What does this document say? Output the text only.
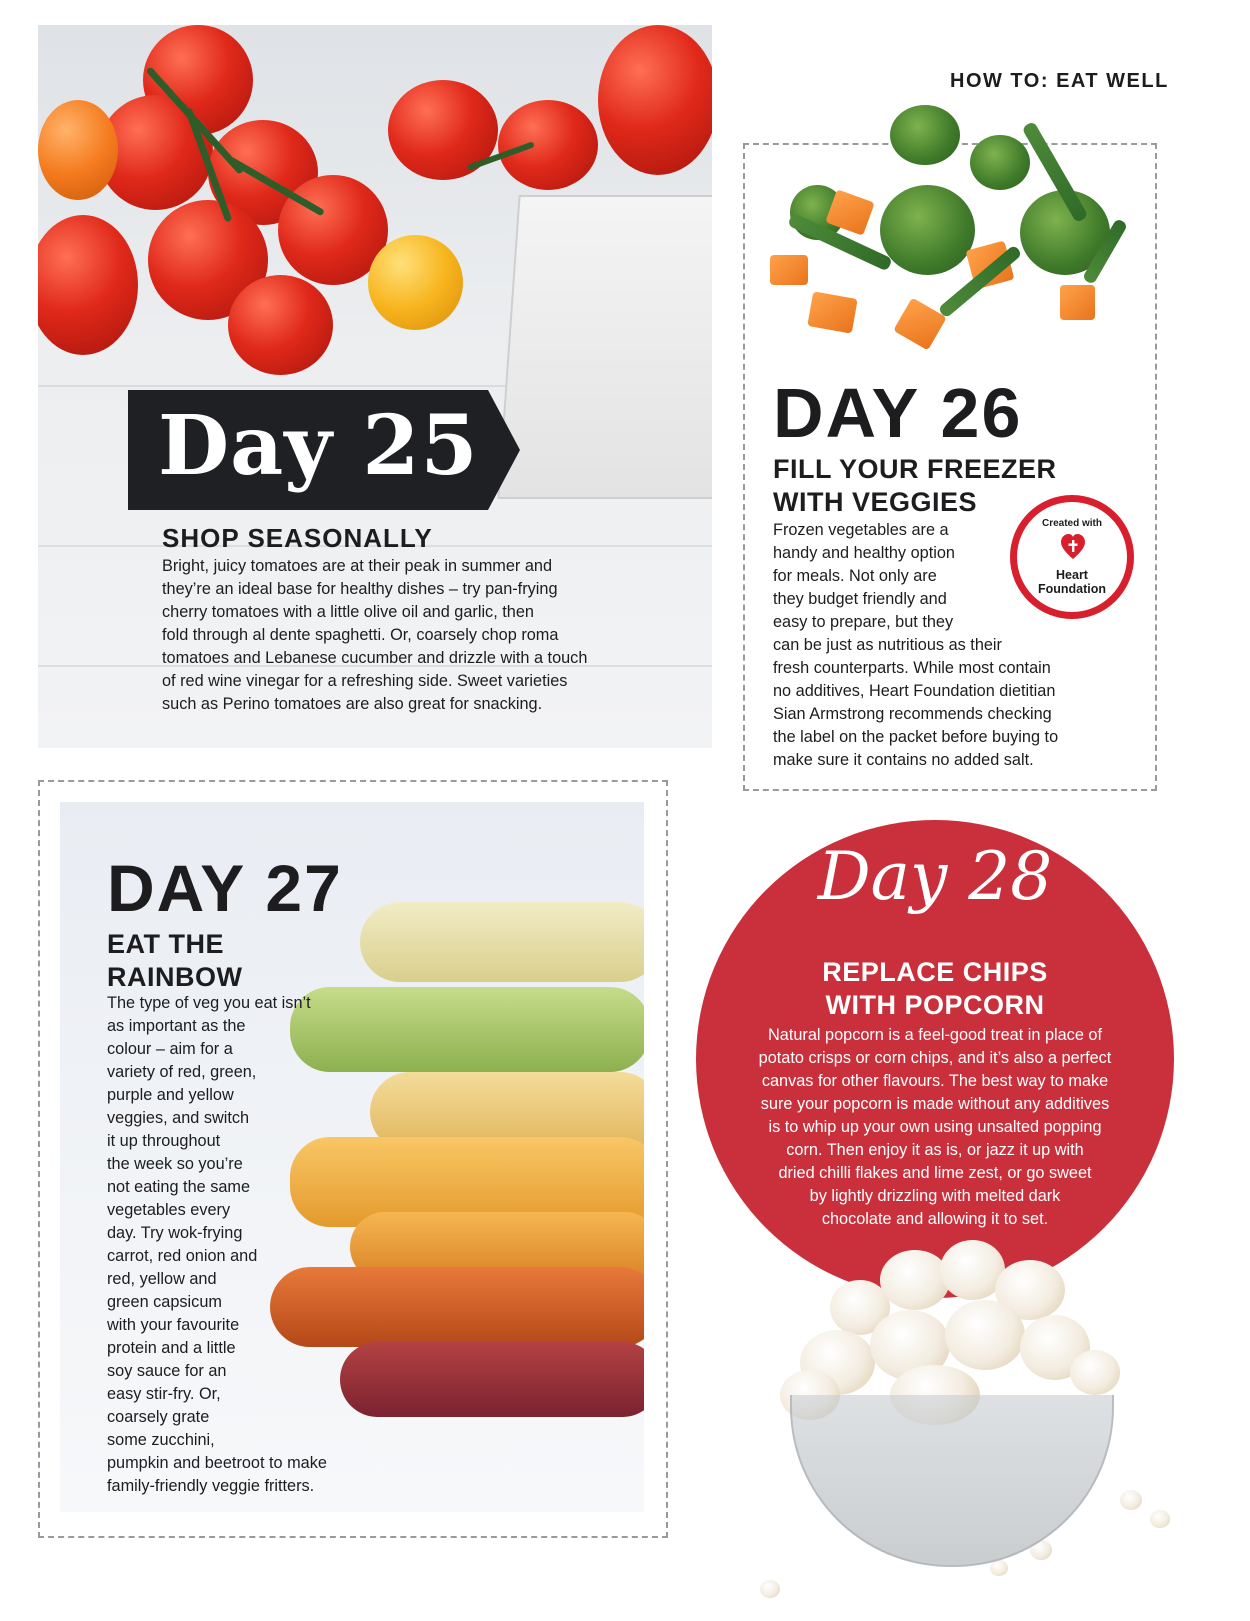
HOW TO: EAT WELL
Day 25
SHOP SEASONALLY
Bright, juicy tomatoes are at their peak in summer and
they’re an ideal base for healthy dishes – try pan-frying
cherry tomatoes with a little olive oil and garlic, then
fold through al dente spaghetti. Or, coarsely chop roma
tomatoes and Lebanese cucumber and drizzle with a touch
of red wine vinegar for a refreshing side. Sweet varieties
such as Perino tomatoes are also great for snacking.
DAY 26
FILL YOUR FREEZER
WITH VEGGIES
Frozen vegetables are a
handy and healthy option
for meals. Not only are
they budget friendly and
easy to prepare, but they
can be just as nutritious as their
fresh counterparts. While most contain
no additives, Heart Foundation dietitian
Sian Armstrong recommends checking
the label on the packet before buying to
make sure it contains no added salt.
Created with
Heart
Foundation
DAY 27
EAT THE
RAINBOW
The type of veg you eat isn’t
as important as the
colour – aim for a
variety of red, green,
purple and yellow
veggies, and switch
it up throughout
the week so you’re
not eating the same
vegetables every
day. Try wok-frying
carrot, red onion and
red, yellow and
green capsicum
with your favourite
protein and a little
soy sauce for an
easy stir-fry. Or,
coarsely grate
some zucchini,
pumpkin and beetroot to make
family-friendly veggie fritters.
Day 28
REPLACE CHIPS
WITH POPCORN
Natural popcorn is a feel-good treat in place of
potato crisps or corn chips, and it’s also a perfect
canvas for other flavours. The best way to make
sure your popcorn is made without any additives
is to whip up your own using unsalted popping
corn. Then enjoy it as is, or jazz it up with
dried chilli flakes and lime zest, or go sweet
by lightly drizzling with melted dark
chocolate and allowing it to set.
